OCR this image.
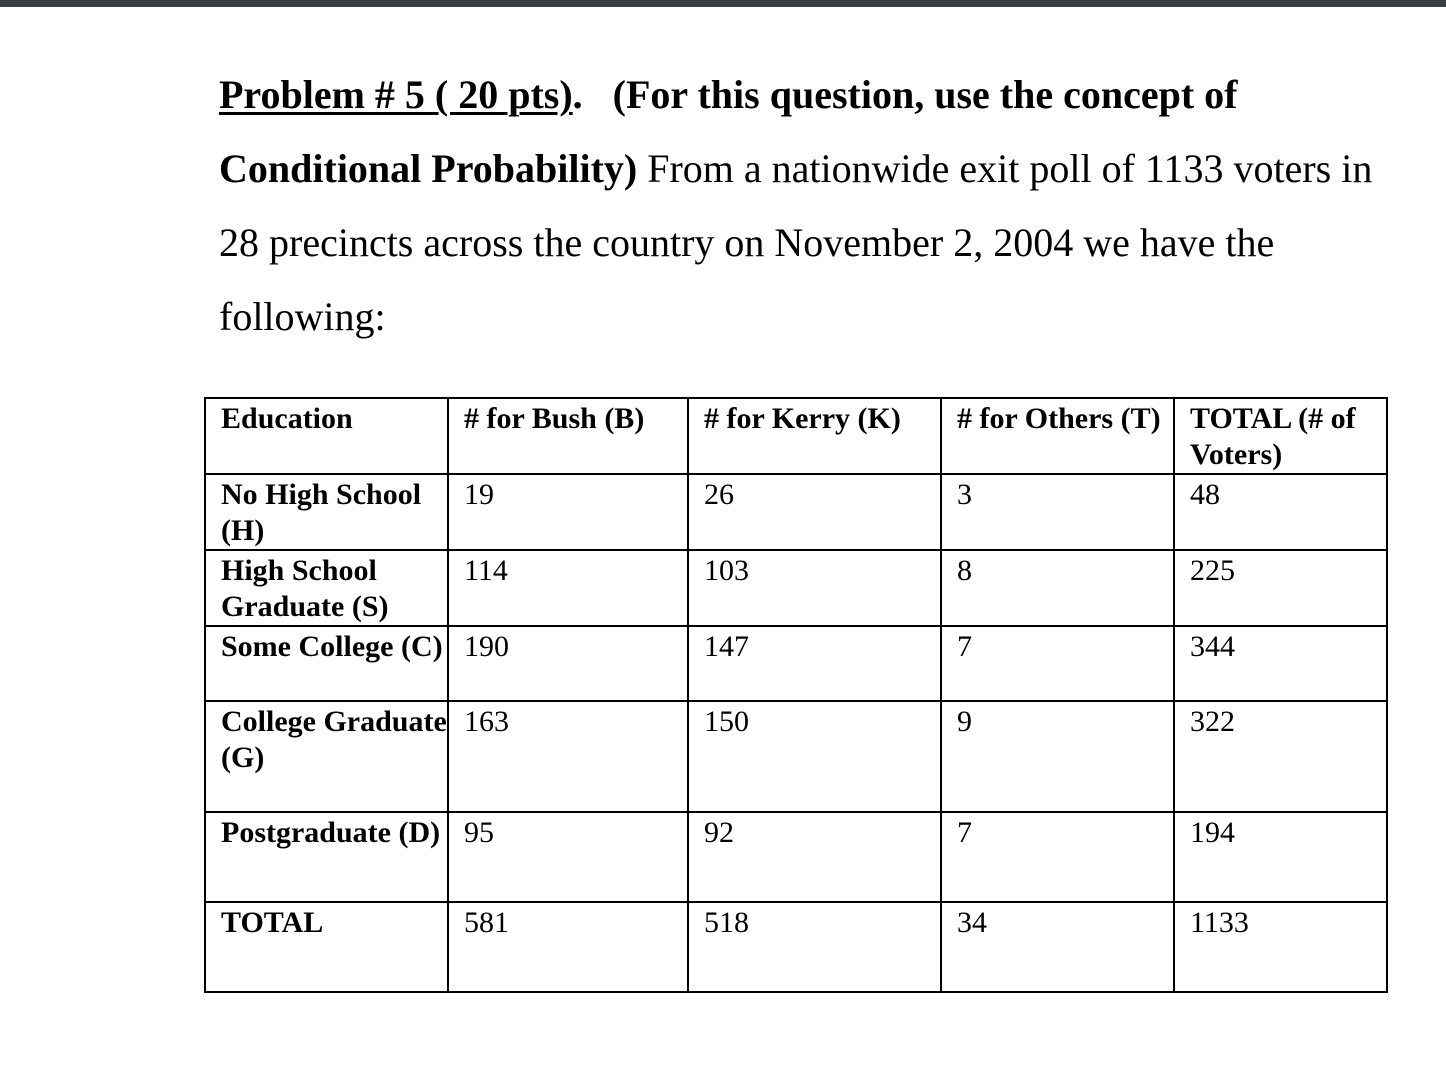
Problem # 5 ( 20 pts). (For this question, use the concept of Conditional Probability) From a nationwide exit poll of 1133 voters in 28 precincts across the country on November 2, 2004 we have the following:

Education	# for Bush (B)	# for Kerry (K)	# for Others (T)	TOTAL (# of Voters)
No High School (H)	19	26	3	48
High School Graduate (S)	114	103	8	225
Some College (C)	190	147	7	344
College Graduate (G)	163	150	9	322
Postgraduate (D)	95	92	7	194
TOTAL	581	518	34	1133
